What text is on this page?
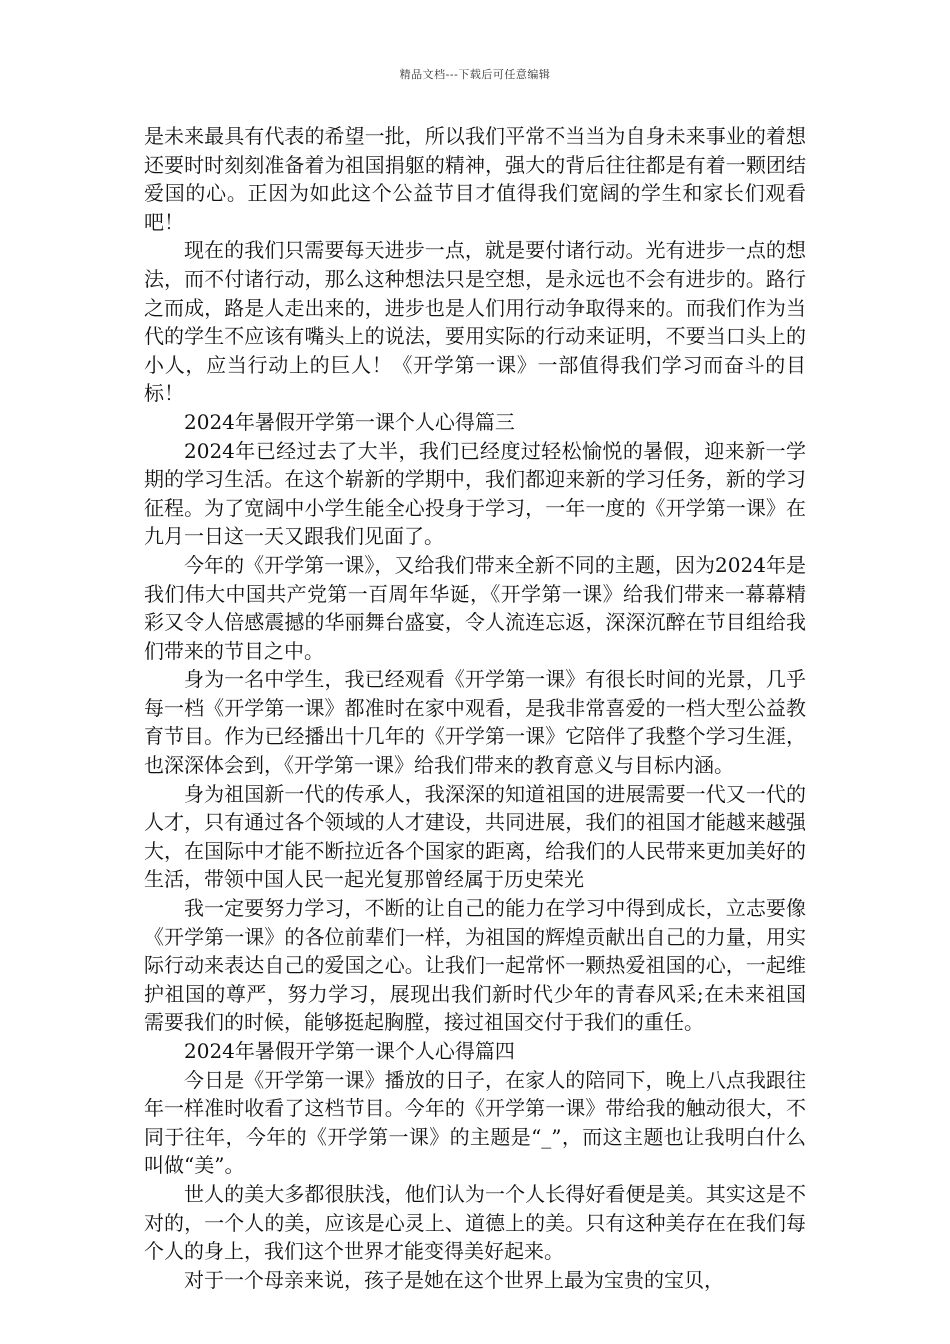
精品文档---下载后可任意编辑

是未来最具有代表的希望一批，所以我们平常不当当为自身未来事业的着想还要时时刻刻准备着为祖国捐躯的精神，强大的背后往往都是有着一颗团结爱国的心。正因为如此这个公益节目才值得我们宽阔的学生和家长们观看吧！

现在的我们只需要每天进步一点，就是要付诸行动。光有进步一点的想法，而不付诸行动，那么这种想法只是空想，是永远也不会有进步的。路行之而成，路是人走出来的，进步也是人们用行动争取得来的。而我们作为当代的学生不应该有嘴头上的说法，要用实际的行动来证明，不要当口头上的小人，应当行动上的巨人！《开学第一课》一部值得我们学习而奋斗的目标！

2024年暑假开学第一课个人心得篇三

2024年已经过去了大半，我们已经度过轻松愉悦的暑假，迎来新一学期的学习生活。在这个崭新的学期中，我们都迎来新的学习任务，新的学习征程。为了宽阔中小学生能全心投身于学习，一年一度的《开学第一课》在九月一日这一天又跟我们见面了。

今年的《开学第一课》，又给我们带来全新不同的主题，因为2024年是我们伟大中国共产党第一百周年华诞，《开学第一课》给我们带来一幕幕精彩又令人倍感震撼的华丽舞台盛宴，令人流连忘返，深深沉醉在节目组给我们带来的节目之中。

身为一名中学生，我已经观看《开学第一课》有很长时间的光景，几乎每一档《开学第一课》都准时在家中观看，是我非常喜爱的一档大型公益教育节目。作为已经播出十几年的《开学第一课》它陪伴了我整个学习生涯，也深深体会到，《开学第一课》给我们带来的教育意义与目标内涵。

身为祖国新一代的传承人，我深深的知道祖国的进展需要一代又一代的人才，只有通过各个领域的人才建设，共同进展，我们的祖国才能越来越强大，在国际中才能不断拉近各个国家的距离，给我们的人民带来更加美好的生活，带领中国人民一起光复那曾经属于历史荣光

我一定要努力学习，不断的让自己的能力在学习中得到成长，立志要像《开学第一课》的各位前辈们一样，为祖国的辉煌贡献出自己的力量，用实际行动来表达自己的爱国之心。让我们一起常怀一颗热爱祖国的心，一起维护祖国的尊严，努力学习，展现出我们新时代少年的青春风采;在未来祖国需要我们的时候，能够挺起胸膛，接过祖国交付于我们的重任。

2024年暑假开学第一课个人心得篇四

今日是《开学第一课》播放的日子，在家人的陪同下，晚上八点我跟往年一样准时收看了这档节目。今年的《开学第一课》带给我的触动很大，不同于往年，今年的《开学第一课》的主题是“_”，而这主题也让我明白什么叫做“美”。

世人的美大多都很肤浅，他们认为一个人长得好看便是美。其实这是不对的，一个人的美，应该是心灵上、道德上的美。只有这种美存在在我们每个人的身上，我们这个世界才能变得美好起来。

对于一个母亲来说，孩子是她在这个世界上最为宝贵的宝贝，
